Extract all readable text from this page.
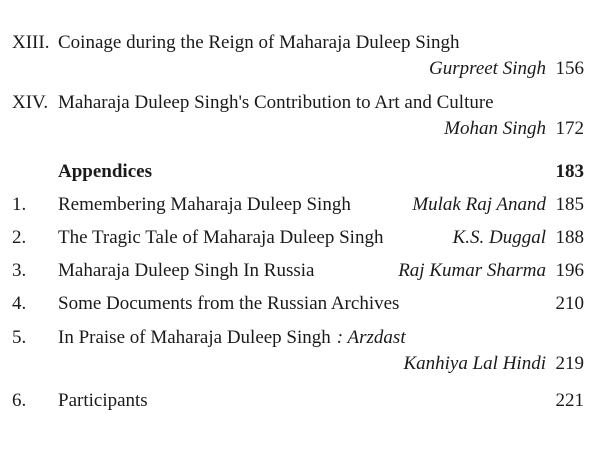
XIII. Coinage during the Reign of Maharaja Duleep Singh
Gurpreet Singh 156
XIV. Maharaja Duleep Singh's Contribution to Art and Culture
Mohan Singh 172
Appendices	183
1. Remembering Maharaja Duleep Singh	Mulak Raj Anand 185
2. The Tragic Tale of Maharaja Duleep Singh	K.S. Duggal 188
3. Maharaja Duleep Singh In Russia	Raj Kumar Sharma 196
4. Some Documents from the Russian Archives	210
5. In Praise of Maharaja Duleep Singh : Arzdast
Kanhiya Lal Hindi 219
6. Participants	221
